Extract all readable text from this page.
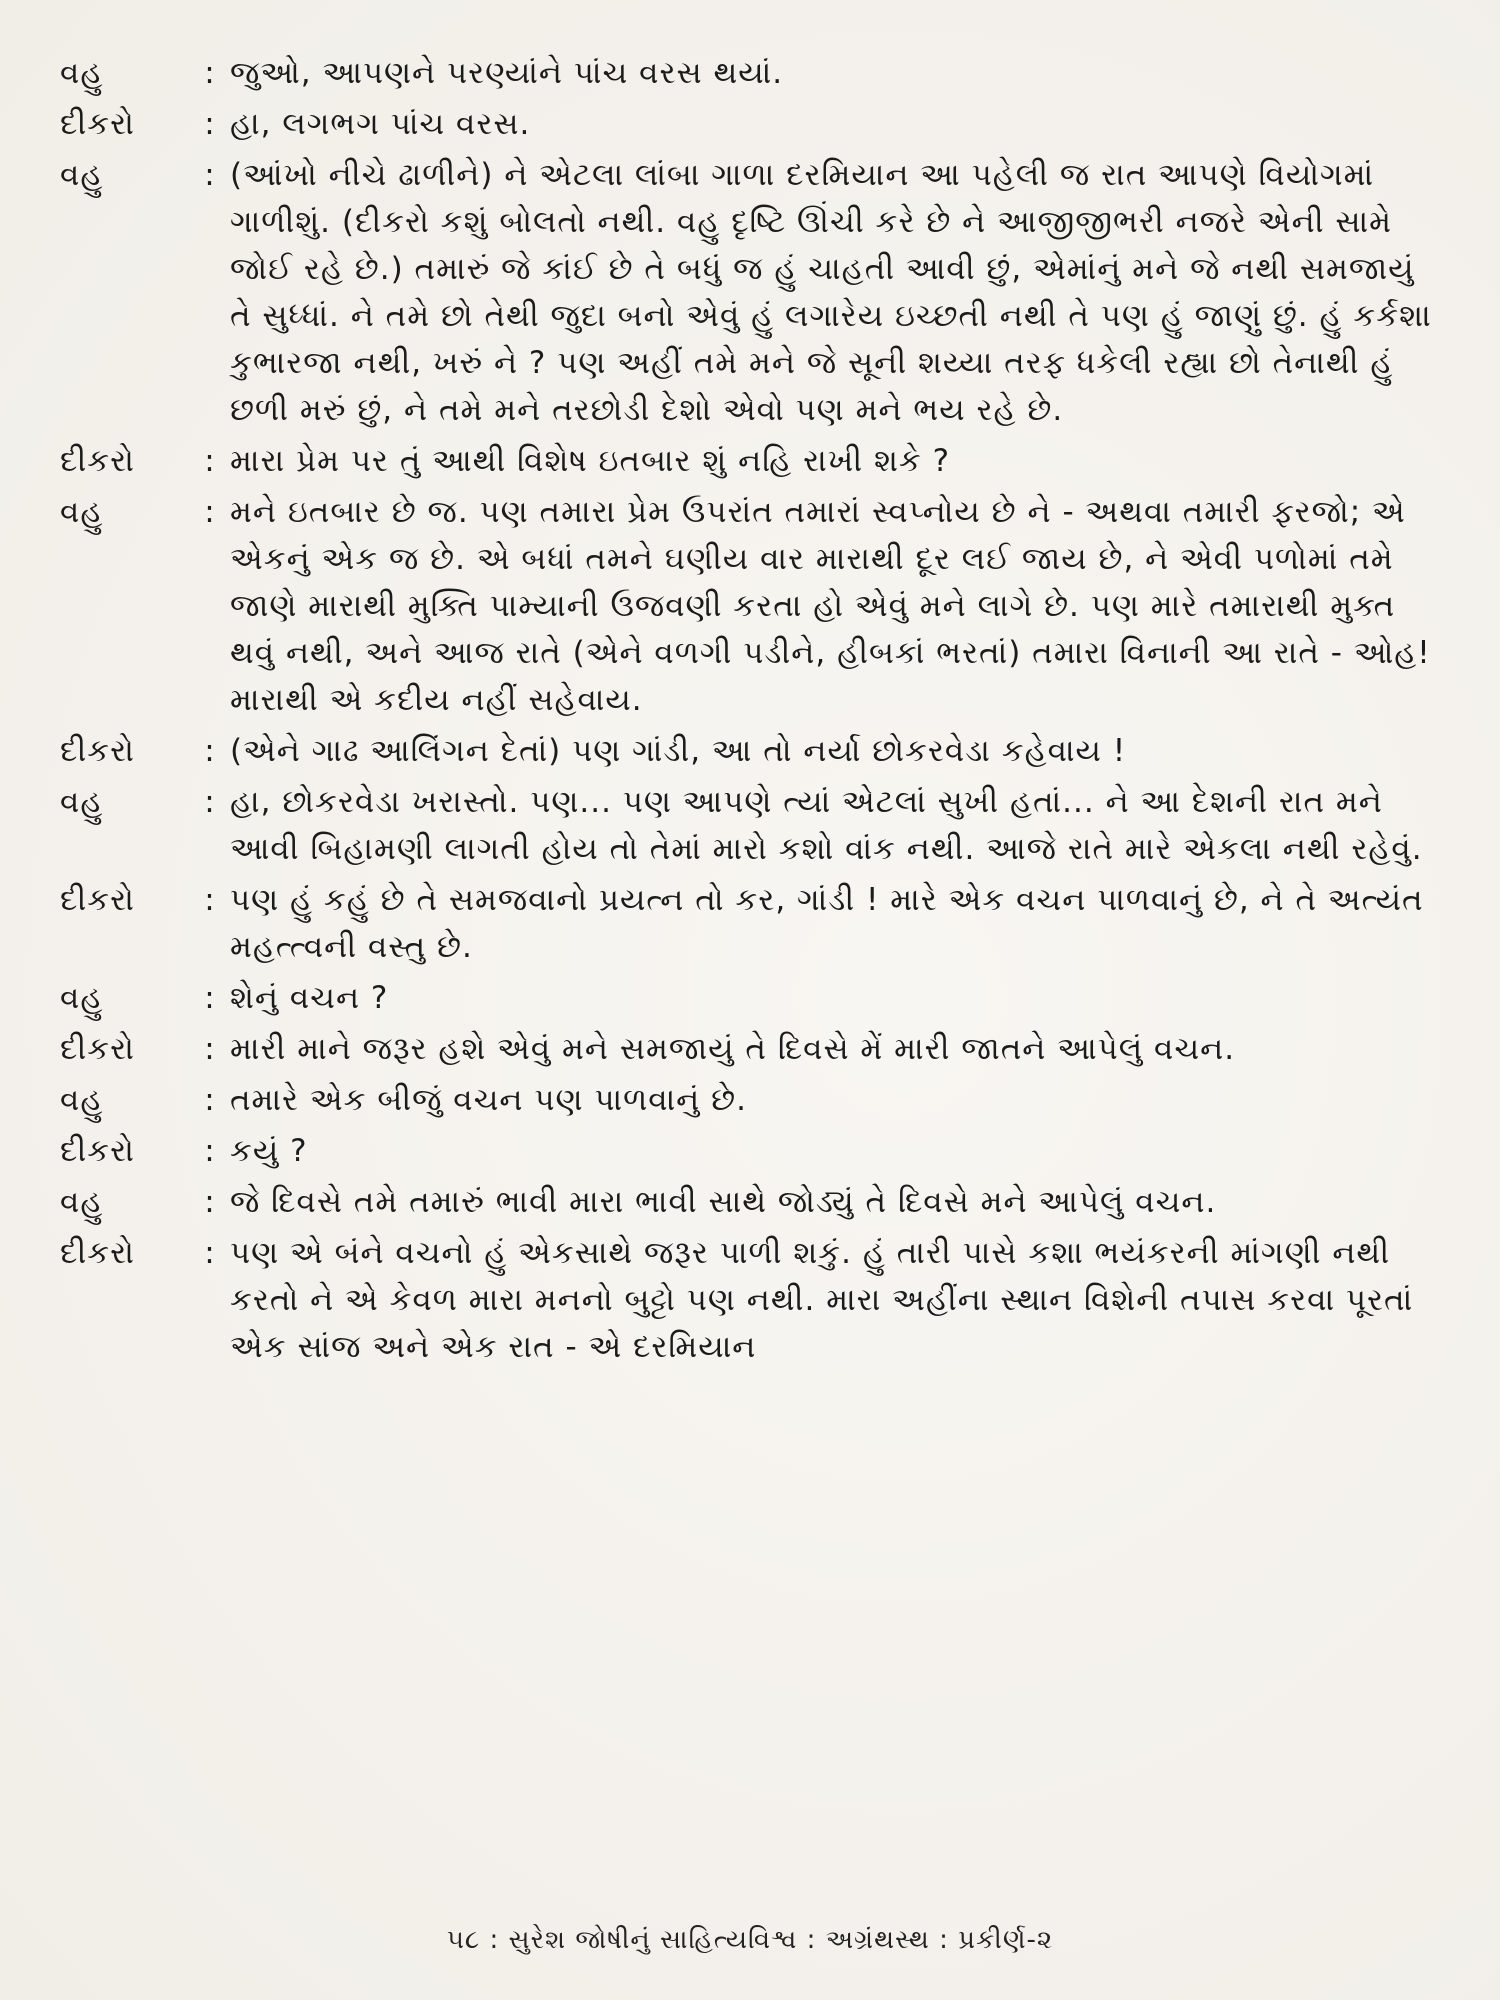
વહુ	: જુઓ, આપણને પરણ્યાંને પાંચ વરસ થયાં.
દીકરો	: હા, લગભગ પાંચ વરસ.
વહુ	: (આંખો નીચે ઢાળીને) ને એટલા લાંબા ગાળા દરમિયાન આ પહેલી જ રાત આપણે વિયોગમાં ગાળીશું. (દીકરો કશું બોલતો નથી. વહુ દૃષ્ટિ ઊંચી કરે છે ને આજીજીભરી નજરે એની સામે જોઈ રહે છે.) તમારું જે કાંઈ છે તે બધું જ હું ચાહતી આવી છું, એમાંનું મને જે નથી સમજાયું તે સુધ્ધાં. ને તમે છો તેથી જુદા બનો એવું હું લગારેય ઇચ્છતી નથી તે પણ હું જાણું છું. હું કર્કશા કુભારજા નથી, ખરું ને ? પણ અહીં તમે મને જે સૂની શય્યા તરફ ધકેલી રહ્યા છો તેનાથી હું છળી મરું છું, ને તમે મને તરછોડી દેશો એવો પણ મને ભય રહે છે.
દીકરો	: મારા પ્રેમ પર તું આથી વિશેષ ઇતબાર શું નહિ રાખી શકે ?
વહુ	: મને ઇતબાર છે જ. પણ તમારા પ્રેમ ઉપરાંત તમારાં સ્વપ્નોય છે ને - અથવા તમારી ફરજો; એ એકનું એક જ છે. એ બધાં તમને ઘણીય વાર મારાથી દૂર લઈ જાય છે, ને એવી પળોમાં તમે જાણે મારાથી મુક્તિ પામ્યાની ઉજવણી કરતા હો એવું મને લાગે છે. પણ મારે તમારાથી મુક્ત થવું નથી, અને આજ રાતે (એને વળગી પડીને, હીબકાં ભરતાં) તમારા વિનાની આ રાતે - ઓહ! મારાથી એ કદીય નહીં સહેવાય.
દીકરો	: (એને ગાઢ આલિંગન દેતાં) પણ ગાંડી, આ તો નર્યા છોકરવેડા કહેવાય !
વહુ	: હા, છોકરવેડા ખરાસ્તો. પણ... પણ આપણે ત્યાં એટલાં સુખી હતાં... ને આ દેશની રાત મને આવી બિહામણી લાગતી હોય તો તેમાં મારો કશો વાંક નથી. આજે રાતે મારે એકલા નથી રહેવું.
દીકરો	: પણ હું કહું છે તે સમજવાનો પ્રયત્ન તો કર, ગાંડી ! મારે એક વચન પાળવાનું છે, ને તે અત્યંત મહત્ત્વની વસ્તુ છે.
વહુ	: શેનું વચન ?
દીકરો	: મારી માને જરૂર હશે એવું મને સમજાયું તે દિવસે મેં મારી જાતને આપેલું વચન.
વહુ	: તમારે એક બીજું વચન પણ પાળવાનું છે.
દીકરો	: કયું ?
વહુ	: જે દિવસે તમે તમારું ભાવી મારા ભાવી સાથે જોડ્યું તે દિવસે મને આપેલું વચન.
દીકરો	: પણ એ બંને વચનો હું એકસાથે જરૂર પાળી શકું. હું તારી પાસે કશા ભયંકરની માંગણી નથી કરતો ને એ કેવળ મારા મનનો બુટ્ટો પણ નથી. મારા અહીંના સ્થાન વિશેની તપાસ કરવા પૂરતાં એક સાંજ અને એક રાત - એ દરમિયાન
૫૮ : સુરેશ જોષીનું સાહિત્યવિશ્વ : અગ્રંથસ્થ : પ્રકીર્ણ-૨
